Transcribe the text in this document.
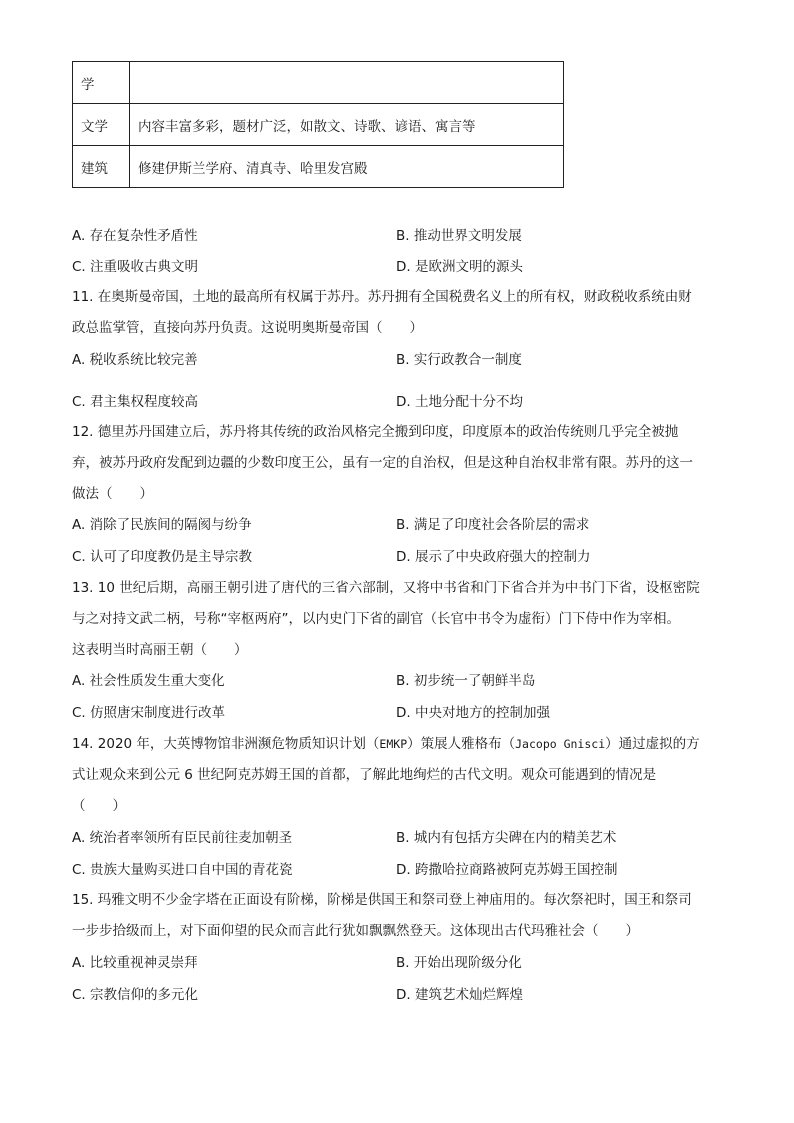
学	
文学	内容丰富多彩，题材广泛，如散文、诗歌、谚语、寓言等
建筑	修建伊斯兰学府、清真寺、哈里发宫殿
A. 存在复杂性矛盾性	B. 推动世界文明发展
C. 注重吸收古典文明	D. 是欧洲文明的源头
11. 在奥斯曼帝国，土地的最高所有权属于苏丹。苏丹拥有全国税费名义上的所有权，财政税收系统由财
政总监掌管，直接向苏丹负责。这说明奥斯曼帝国（　　）
A. 税收系统比较完善	B. 实行政教合一制度
C. 君主集权程度较高	D. 土地分配十分不均
12. 德里苏丹国建立后，苏丹将其传统的政治风格完全搬到印度，印度原本的政治传统则几乎完全被抛
弃，被苏丹政府发配到边疆的少数印度王公，虽有一定的自治权，但是这种自治权非常有限。苏丹的这一
做法（　　）
A. 消除了民族间的隔阂与纷争	B. 满足了印度社会各阶层的需求
C. 认可了印度教仍是主导宗教	D. 展示了中央政府强大的控制力
13. 10 世纪后期，高丽王朝引进了唐代的三省六部制，又将中书省和门下省合并为中书门下省，设枢密院
与之对持文武二柄，号称“宰枢两府”，以内史门下省的副官（长官中书令为虚衔）门下侍中作为宰相。
这表明当时高丽王朝（　　）
A. 社会性质发生重大变化	B. 初步统一了朝鲜半岛
C. 仿照唐宋制度进行改革	D. 中央对地方的控制加强
14. 2020 年，大英博物馆非洲濒危物质知识计划（EMKP）策展人雅格布（Jacopo Gnisci）通过虚拟的方
式让观众来到公元 6 世纪阿克苏姆王国的首都，了解此地绚烂的古代文明。观众可能遇到的情况是
（　　）
A. 统治者率领所有臣民前往麦加朝圣	B. 城内有包括方尖碑在内的精美艺术
C. 贵族大量购买进口自中国的青花瓷	D. 跨撒哈拉商路被阿克苏姆王国控制
15. 玛雅文明不少金字塔在正面设有阶梯，阶梯是供国王和祭司登上神庙用的。每次祭祀时，国王和祭司
一步步拾级而上，对下面仰望的民众而言此行犹如飘飘然登天。这体现出古代玛雅社会（　　）
A. 比较重视神灵崇拜	B. 开始出现阶级分化
C. 宗教信仰的多元化	D. 建筑艺术灿烂辉煌
